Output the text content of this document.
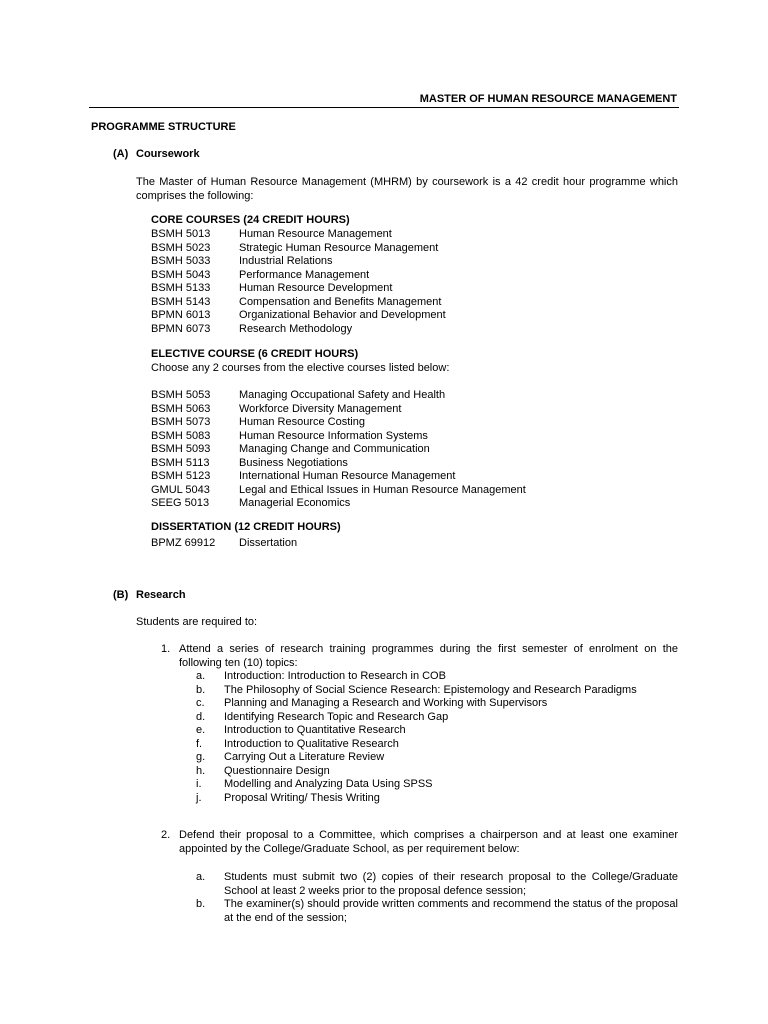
MASTER OF HUMAN RESOURCE MANAGEMENT
PROGRAMME STRUCTURE
(A) Coursework
The Master of Human Resource Management (MHRM) by coursework is a 42 credit hour programme which comprises the following:
CORE COURSES (24 CREDIT HOURS)
BSMH 5013	Human Resource Management
BSMH 5023	Strategic Human Resource Management
BSMH 5033	Industrial Relations
BSMH 5043	Performance Management
BSMH 5133	Human Resource Development
BSMH 5143	Compensation and Benefits Management
BPMN 6013	Organizational Behavior and Development
BPMN 6073	Research Methodology
ELECTIVE COURSE (6 CREDIT HOURS)
Choose any 2 courses from the elective courses listed below:
BSMH 5053	Managing Occupational Safety and Health
BSMH 5063	Workforce Diversity Management
BSMH 5073	Human Resource Costing
BSMH 5083	Human Resource Information Systems
BSMH 5093	Managing Change and Communication
BSMH 5113	Business Negotiations
BSMH 5123	International Human Resource Management
GMUL 5043	Legal and Ethical Issues in Human Resource Management
SEEG 5013	Managerial Economics
DISSERTATION (12 CREDIT HOURS)
BPMZ 69912 Dissertation
(B) Research
Students are required to:
1. Attend a series of research training programmes during the first semester of enrolment on the following ten (10) topics:
a. Introduction: Introduction to Research in COB
b. The Philosophy of Social Science Research: Epistemology and Research Paradigms
c. Planning and Managing a Research and Working with Supervisors
d. Identifying Research Topic and Research Gap
e. Introduction to Quantitative Research
f. Introduction to Qualitative Research
g. Carrying Out a Literature Review
h. Questionnaire Design
i. Modelling and Analyzing Data Using SPSS
j. Proposal Writing/ Thesis Writing
2. Defend their proposal to a Committee, which comprises a chairperson and at least one examiner appointed by the College/Graduate School, as per requirement below:
a. Students must submit two (2) copies of their research proposal to the College/Graduate School at least 2 weeks prior to the proposal defence session;
b. The examiner(s) should provide written comments and recommend the status of the proposal at the end of the session;
